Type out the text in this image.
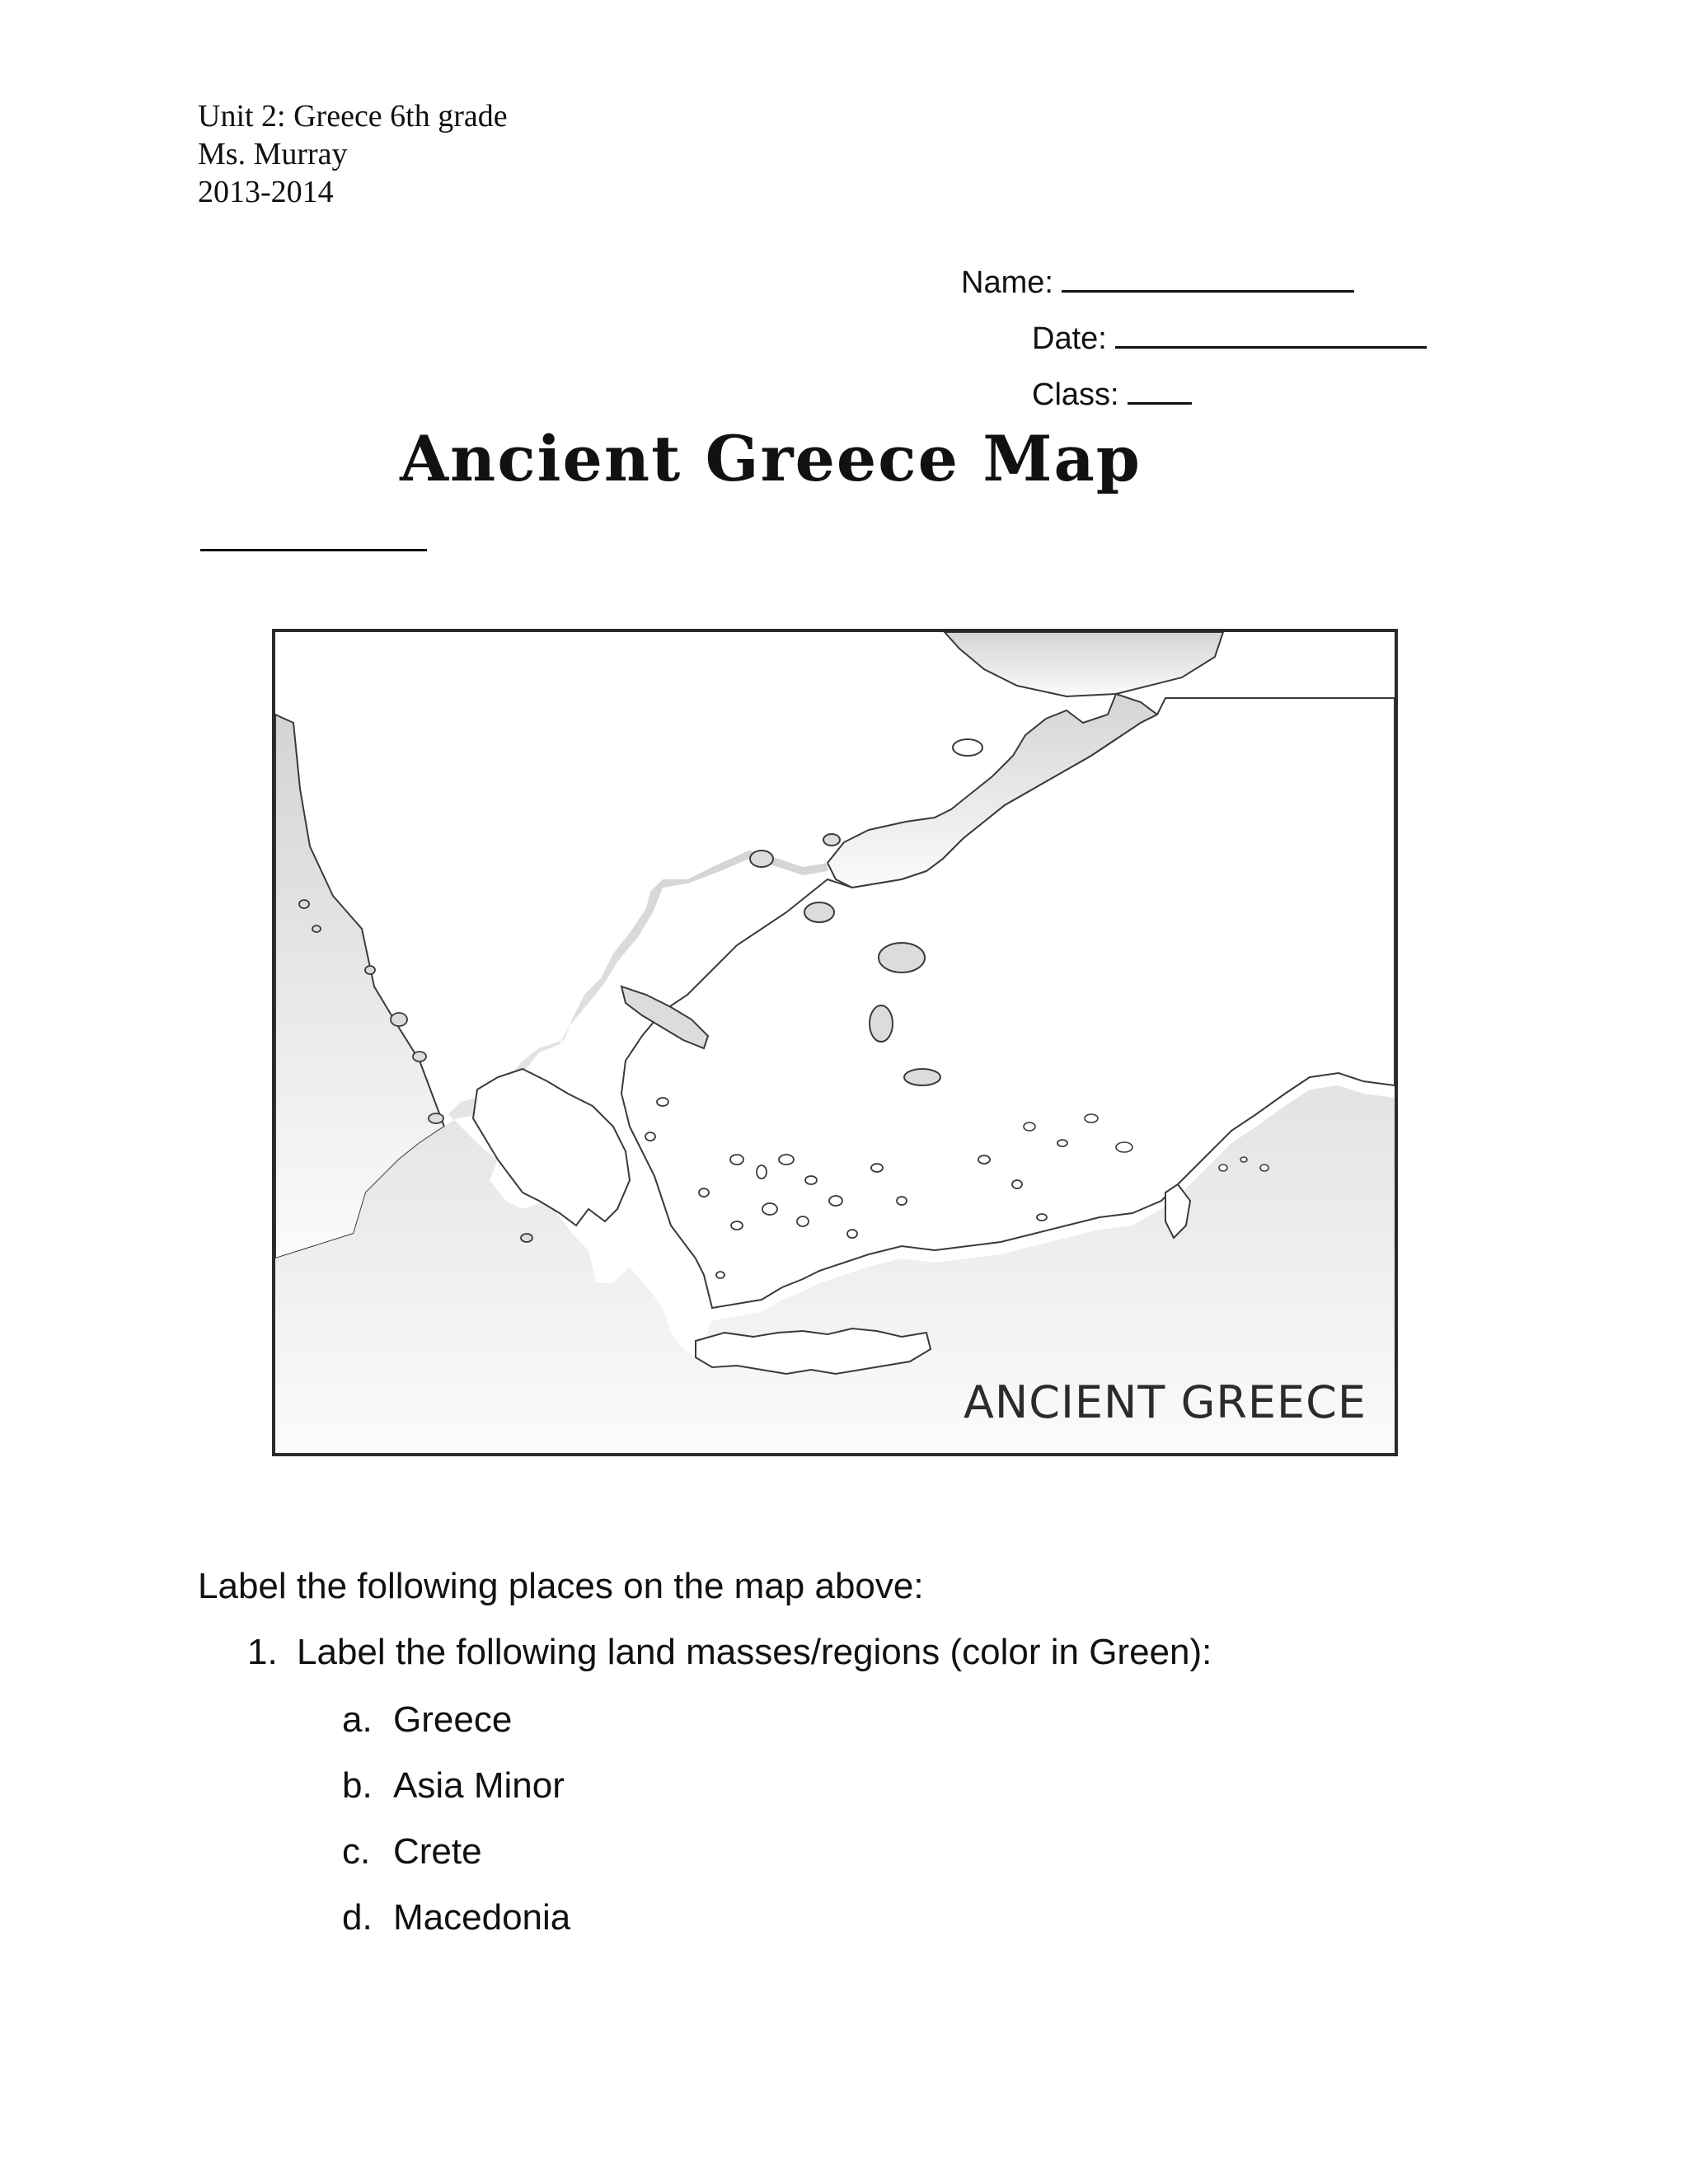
Unit 2: Greece 6th grade
Ms. Murray
2013-2014
Name:
Date:
Class:
Ancient Greece Map
ANCIENT GREECE
Label the following places on the map above:
1. Label the following land masses/regions (color in Green):
a. Greece
b. Asia Minor
c. Crete
d. Macedonia
